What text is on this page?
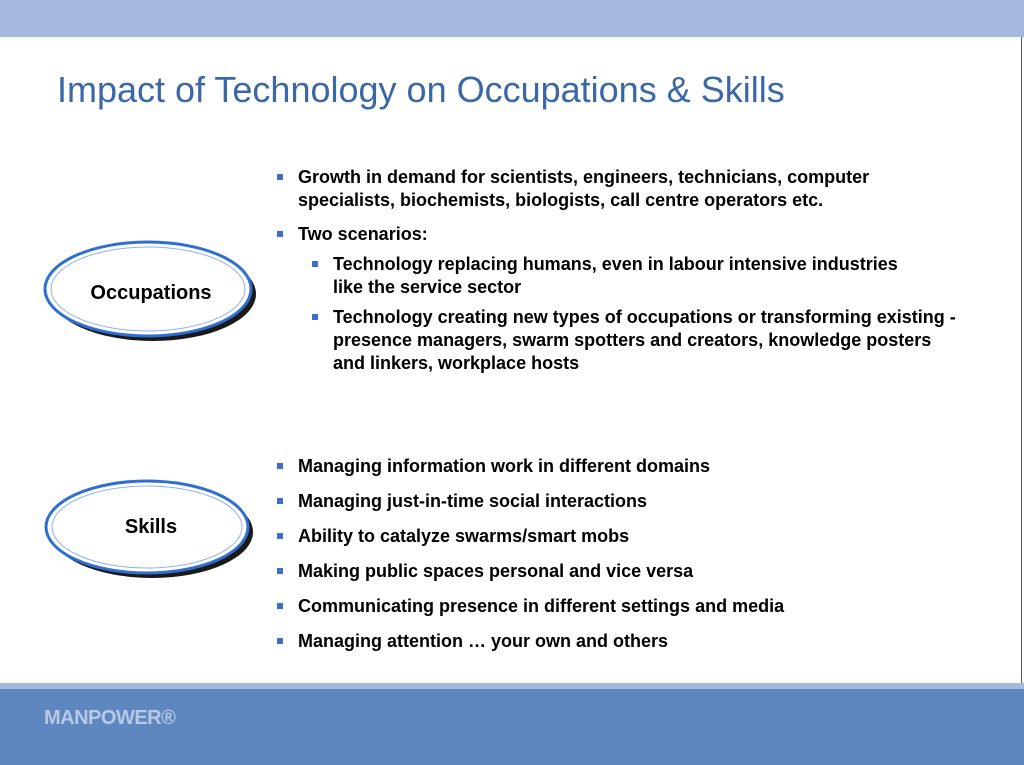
Impact of Technology on Occupations & Skills
Occupations
Skills
Growth in demand for scientists, engineers, technicians, computer specialists, biochemists, biologists, call centre operators etc.
Two scenarios:
Technology replacing humans, even in labour intensive industries like the service sector
Technology creating new types of occupations or transforming existing - presence managers, swarm spotters and creators, knowledge posters and linkers, workplace hosts
Managing information work in different domains
Managing just-in-time social interactions
Ability to catalyze swarms/smart mobs
Making public spaces personal and vice versa
Communicating presence in different settings and media
Managing attention … your own and others
MANPOWER®
